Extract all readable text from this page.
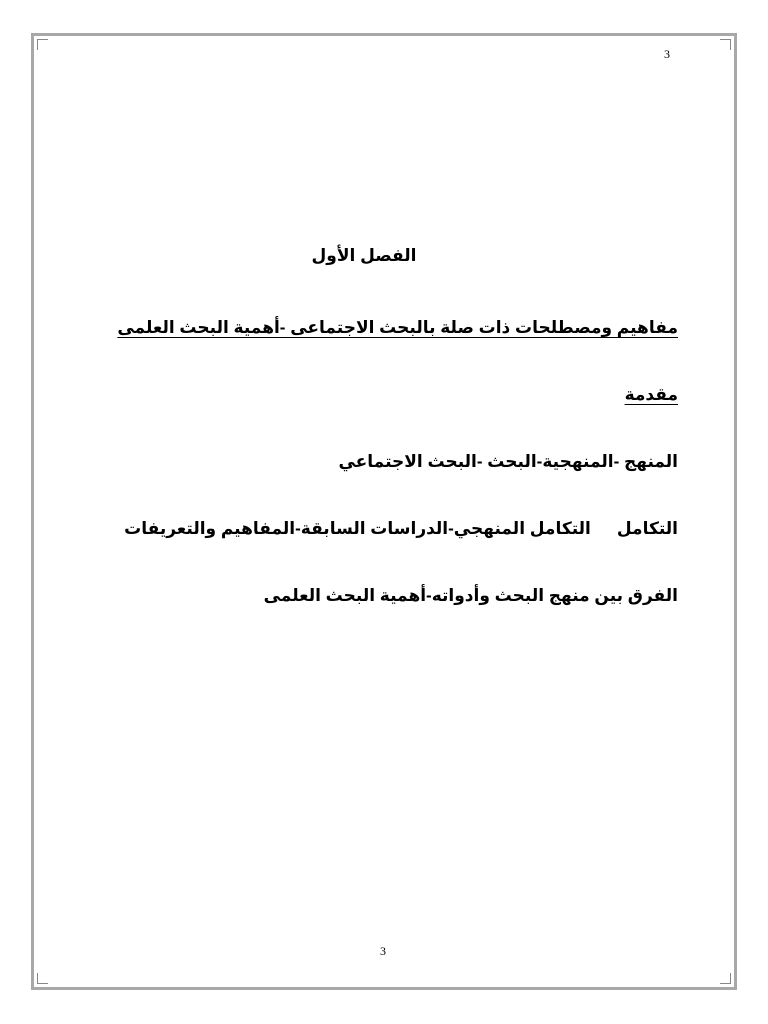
3
الفصل الأول
مفاهيم ومصطلحات ذات صلة بالبحث الاجتماعى -أهمية البحث العلمى
مقدمة
المنهج -المنهجية-البحث -البحث الاجتماعي
التكاملالتكامل المنهجي-الدراسات السابقة-المفاهيم والتعريفات
الفرق بين منهج البحث وأدواته-أهمية البحث العلمى
3
